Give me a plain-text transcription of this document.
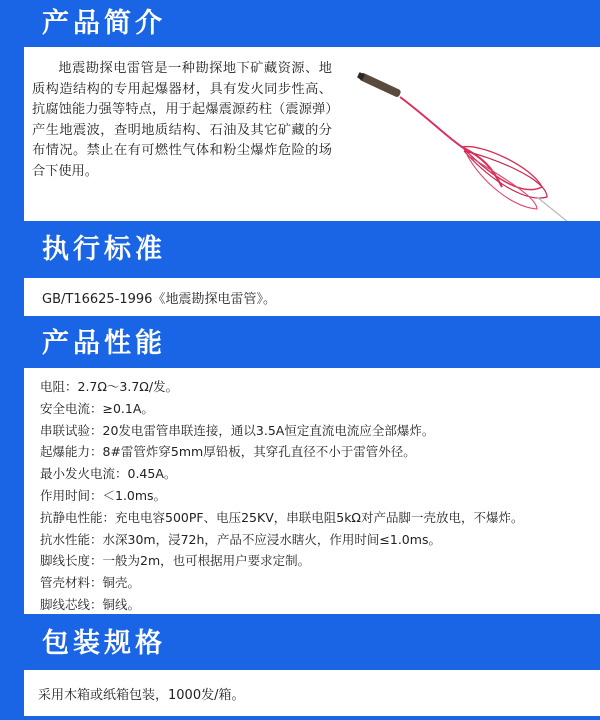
产品简介

地震勘探电雷管是一种勘探地下矿藏资源、地质构造结构的专用起爆器材，具有发火同步性高、抗腐蚀能力强等特点，用于起爆震源药柱（震源弹）产生地震波，查明地质结构、石油及其它矿藏的分布情况。禁止在有可燃性气体和粉尘爆炸危险的场合下使用。

执行标准

GB/T16625-1996《地震勘探电雷管》。

产品性能
电阻：2.7Ω～3.7Ω/发。
安全电流：≥0.1A。
串联试验：20发电雷管串联连接，通以3.5A恒定直流电流应全部爆炸。
起爆能力：8#雷管炸穿5mm厚铅板，其穿孔直径不小于雷管外径。
最小发火电流：0.45A。
作用时间：＜1.0ms。
抗静电性能：充电电容500PF、电压25KV，串联电阻5kΩ对产品脚一壳放电，不爆炸。
抗水性能：水深30m，浸72h，产品不应浸水瞎火，作用时间≤1.0ms。
脚线长度：一般为2m，也可根据用户要求定制。
管壳材料：铜壳。
脚线芯线：铜线。
包装规格

采用木箱或纸箱包装，1000发/箱。
